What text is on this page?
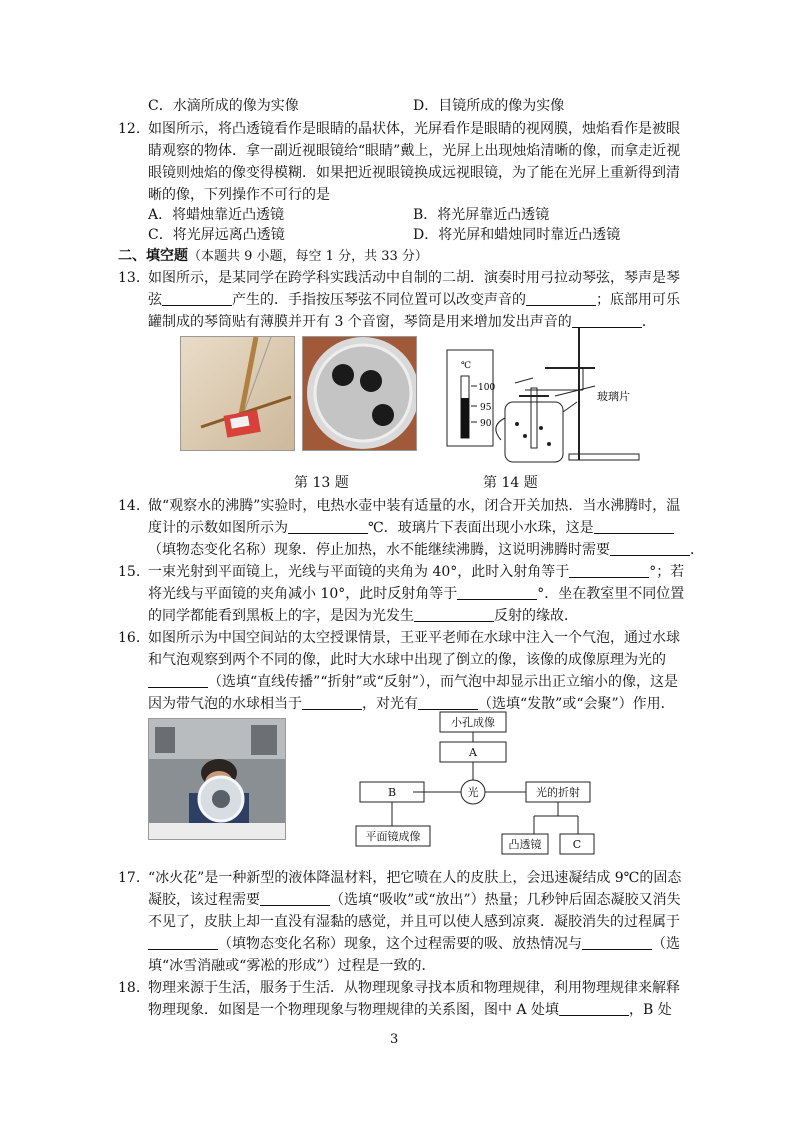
C．水滴所成的像为实像	D．目镜所成的像为实像
12. 如图所示，将凸透镜看作是眼睛的晶状体，光屏看作是眼睛的视网膜，烛焰看作是被眼
睛观察的物体．拿一副近视眼镜给“眼睛”戴上，光屏上出现烛焰清晰的像，而拿走近视
眼镜则烛焰的像变得模糊．如果把近视眼镜换成远视眼镜，为了能在光屏上重新得到清
晰的像，下列操作不可行的是
A．将蜡烛靠近凸透镜	B．将光屏靠近凸透镜
C．将光屏远离凸透镜	D．将光屏和蜡烛同时靠近凸透镜
二、填空题（本题共 9 小题，每空 1 分，共 33 分）
13. 如图所示，是某同学在跨学科实践活动中自制的二胡．演奏时用弓拉动琴弦，琴声是琴
弦	产生的．手指按压琴弦不同位置可以改变声音的	；底部用可乐
罐制成的琴筒贴有薄膜并开有 3 个音窗，琴筒是用来增加发出声音的	．
第 13 题
℃
100
95
90
玻璃片
第 14 题
14. 做“观察水的沸腾”实验时，电热水壶中装有适量的水，闭合开关加热．当水沸腾时，温
度计的示数如图所示为	℃．玻璃片下表面出现小水珠，这是
（填物态变化名称）现象．停止加热，水不能继续沸腾，这说明沸腾时需要	．
15. 一束光射到平面镜上，光线与平面镜的夹角为 40°，此时入射角等于	°；若
将光线与平面镜的夹角减小 10°，此时反射角等于	°．坐在教室里不同位置
的同学都能看到黑板上的字，是因为光发生	反射的缘故．
16. 如图所示为中国空间站的太空授课情景，王亚平老师在水球中注入一个气泡，通过水球
和气泡观察到两个不同的像，此时大水球中出现了倒立的像，该像的成像原理为光的
（选填“直线传播”“折射”或“反射”），而气泡中却显示出正立缩小的像，这是
因为带气泡的水球相当于	，对光有	（选填“发散”或“会聚”）作用．
小孔成像
A
光
B	光的折射
平面镜成像
凸透镜	C
17. “冰火花”是一种新型的液体降温材料，把它喷在人的皮肤上，会迅速凝结成 9℃的固态
凝胶，该过程需要	（选填“吸收”或“放出”）热量；几秒钟后固态凝胶又消失
不见了，皮肤上却一直没有湿黏的感觉，并且可以使人感到凉爽．凝胶消失的过程属于
（填物态变化名称）现象，这个过程需要的吸、放热情况与	（选
填“冰雪消融或“雾凇的形成”）过程是一致的．
18. 物理来源于生活，服务于生活．从物理现象寻找本质和物理规律，利用物理规律来解释
物理现象．如图是一个物理现象与物理规律的关系图，图中 A 处填	，B 处
3
